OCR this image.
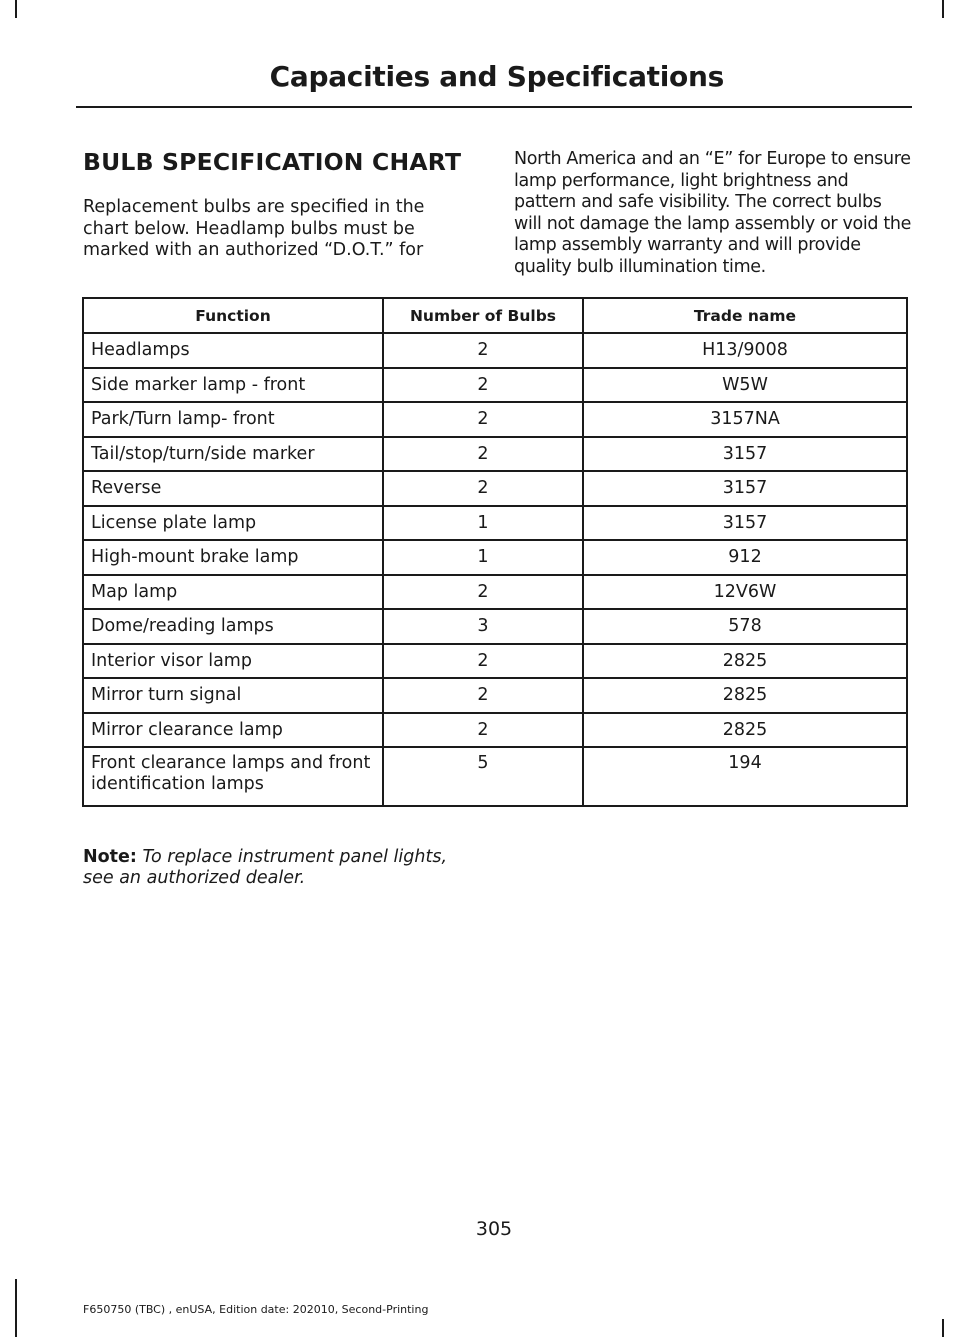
Capacities and Specifications
BULB SPECIFICATION CHART

Replacement bulbs are specified in the chart below. Headlamp bulbs must be marked with an authorized “D.O.T.” for

North America and an “E” for Europe to ensure lamp performance, light brightness and pattern and safe visibility. The correct bulbs will not damage the lamp assembly or void the lamp assembly warranty and will provide quality bulb illumination time.

Function	Number of Bulbs	Trade name
Headlamps	2	H13/9008
Side marker lamp - front	2	W5W
Park/Turn lamp- front	2	3157NA
Tail/stop/turn/side marker	2	3157
Reverse	2	3157
License plate lamp	1	3157
High-mount brake lamp	1	912
Map lamp	2	12V6W
Dome/reading lamps	3	578
Interior visor lamp	2	2825
Mirror turn signal	2	2825
Mirror clearance lamp	2	2825
Front clearance lamps and front identification lamps	5	194

Note: To replace instrument panel lights, see an authorized dealer.

305
F650750 (TBC) , enUSA, Edition date: 202010, Second-Printing
